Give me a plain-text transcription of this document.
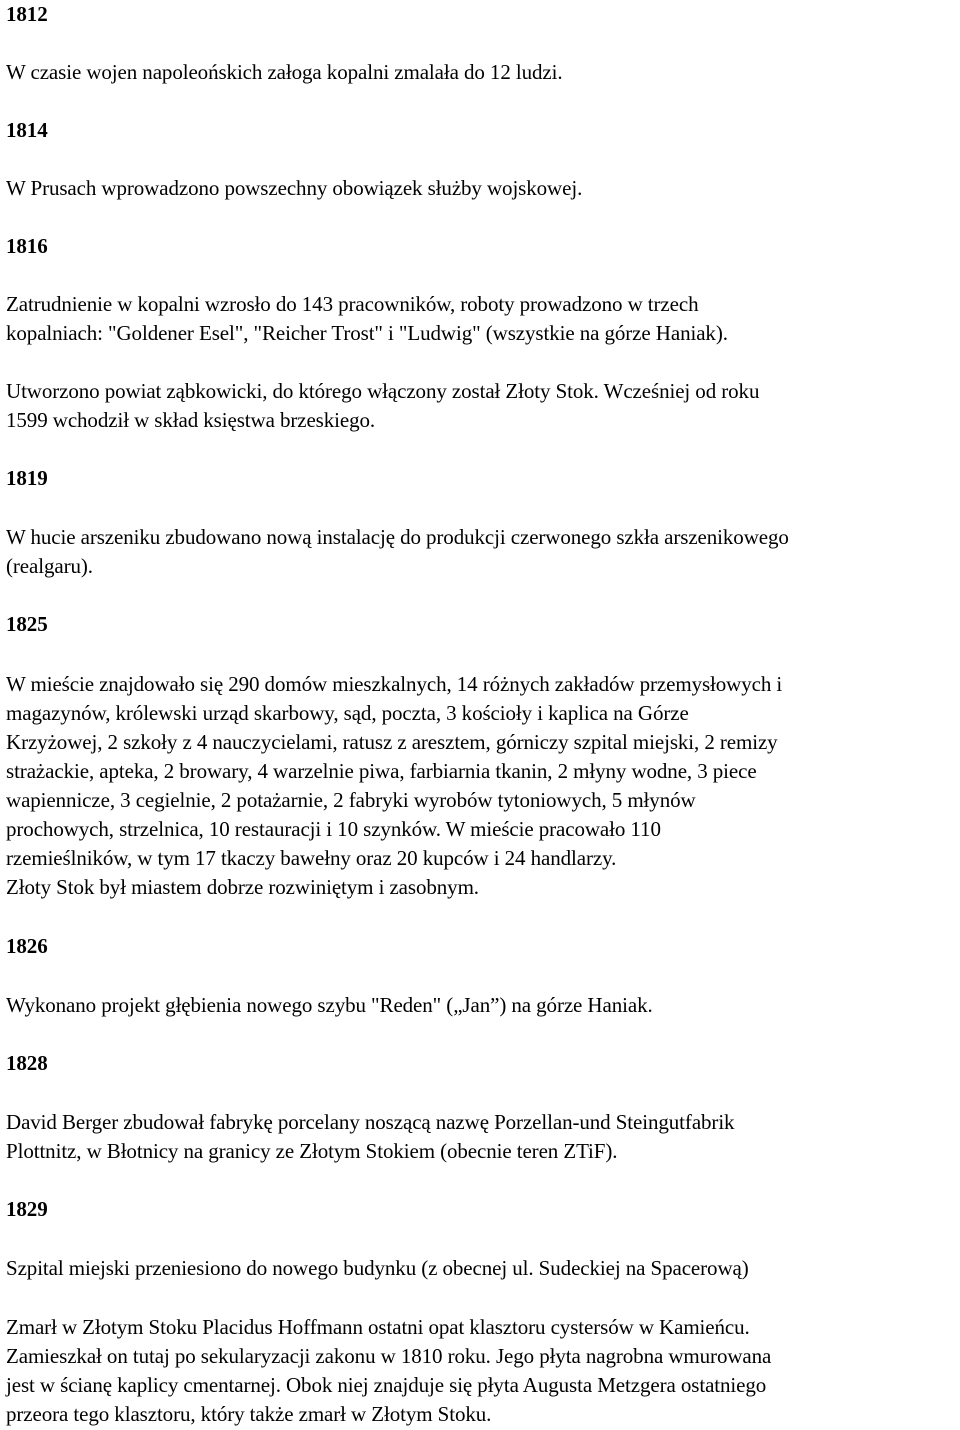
1812
W czasie wojen napoleońskich załoga kopalni zmalała do 12 ludzi.
1814
W Prusach wprowadzono powszechny obowiązek służby wojskowej.
1816
Zatrudnienie w kopalni wzrosło do 143 pracowników, roboty prowadzono w trzech
kopalniach: "Goldener Esel", "Reicher Trost" i "Ludwig" (wszystkie na górze Haniak).
Utworzono powiat ząbkowicki, do którego włączony został Złoty Stok. Wcześniej od roku
1599 wchodził w skład księstwa brzeskiego.
1819
W hucie arszeniku zbudowano nową instalację do produkcji czerwonego szkła arszenikowego
(realgaru).
1825
W mieście znajdowało się 290 domów mieszkalnych, 14 różnych zakładów przemysłowych i
magazynów, królewski urząd skarbowy, sąd, poczta, 3 kościoły i kaplica na Górze
Krzyżowej, 2 szkoły z 4 nauczycielami, ratusz z aresztem, górniczy szpital miejski, 2 remizy
strażackie, apteka, 2 browary, 4 warzelnie piwa, farbiarnia tkanin, 2 młyny wodne, 3 piece
wapiennicze, 3 cegielnie, 2 potażarnie, 2 fabryki wyrobów tytoniowych, 5 młynów
prochowych, strzelnica, 10 restauracji i 10 szynków. W mieście pracowało 110
rzemieślników, w tym 17 tkaczy bawełny oraz 20 kupców i 24 handlarzy.
Złoty Stok był miastem dobrze rozwiniętym i zasobnym.
1826
Wykonano projekt głębienia nowego szybu "Reden" („Jan”) na górze Haniak.
1828
David Berger zbudował fabrykę porcelany noszącą nazwę Porzellan-und Steingutfabrik
Plottnitz, w Błotnicy na granicy ze Złotym Stokiem (obecnie teren ZTiF).
1829
Szpital miejski przeniesiono do nowego budynku (z obecnej ul. Sudeckiej na Spacerową)
Zmarł w Złotym Stoku Placidus Hoffmann ostatni opat klasztoru cystersów w Kamieńcu.
Zamieszkał on tutaj po sekularyzacji zakonu w 1810 roku. Jego płyta nagrobna wmurowana
jest w ścianę kaplicy cmentarnej. Obok niej znajduje się płyta Augusta Metzgera ostatniego
przeora tego klasztoru, który także zmarł w Złotym Stoku.
